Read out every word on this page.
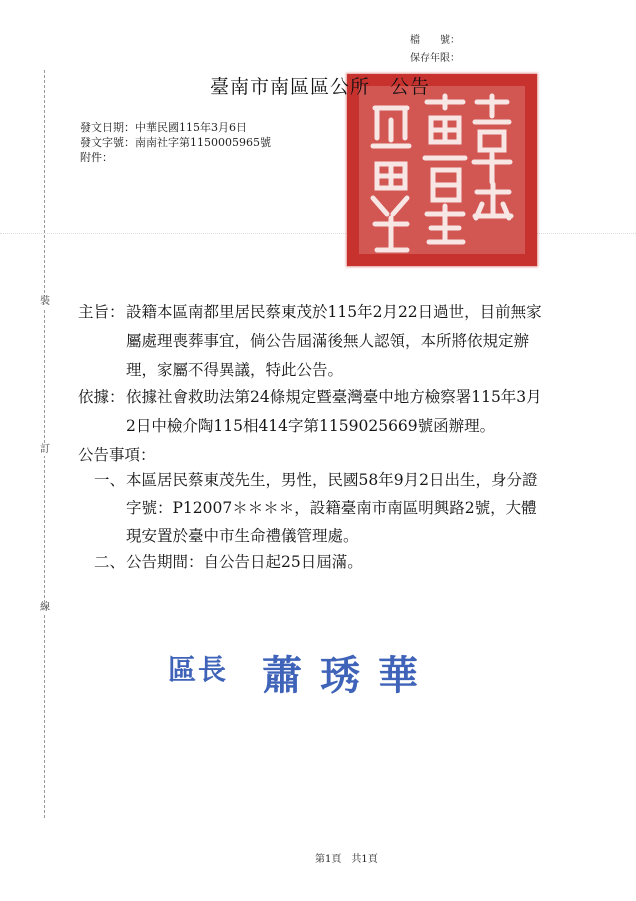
裝
訂
線
檔　　號：
保存年限：
臺南市南區區公所　公告
發文日期：中華民國115年3月6日
發文字號：南南社字第1150005965號
附件：
主旨： 設籍本區南都里居民蔡東茂於115年2月22日過世，目前無家
屬處理喪葬事宜，倘公告屆滿後無人認領，本所將依規定辦
理，家屬不得異議，特此公告。
依據： 依據社會救助法第24條規定暨臺灣臺中地方檢察署115年3月
2日中檢介陶115相414字第1159025669號函辦理。
公告事項：
一、 本區居民蔡東茂先生，男性，民國58年9月2日出生，身分證
字號：P12007＊＊＊＊，設籍臺南市南區明興路2號，大體
現安置於臺中市生命禮儀管理處。
二、 公告期間：自公告日起25日屆滿。
區長 蕭琇華
第1頁　共1頁
